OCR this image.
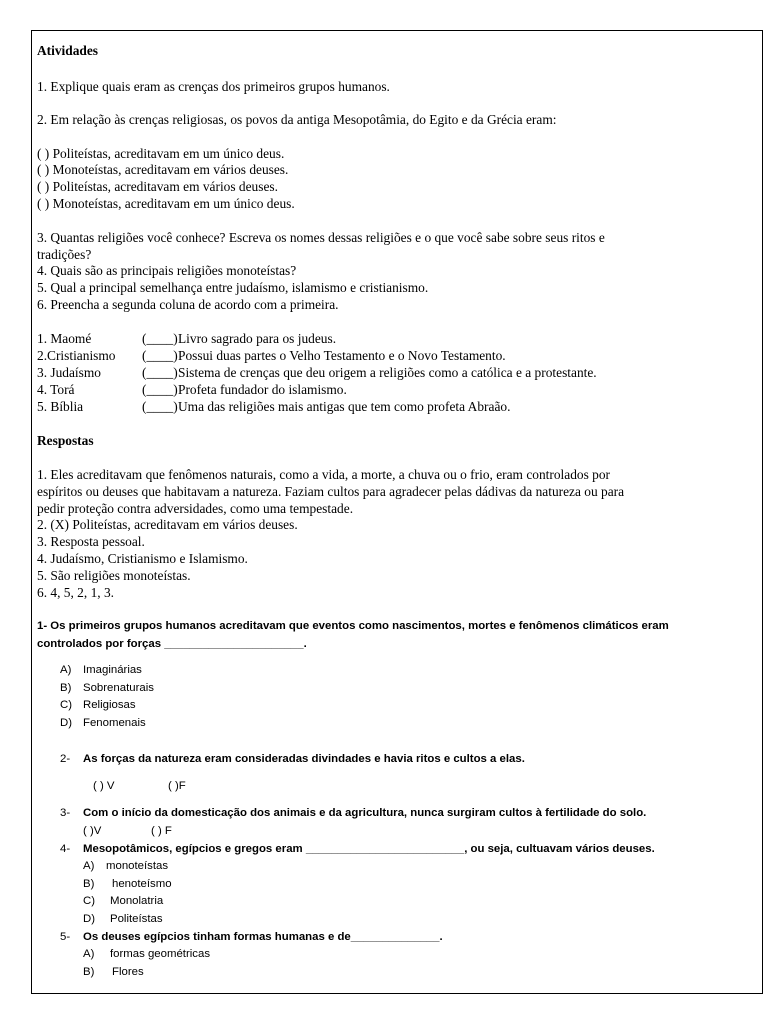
Atividades
1. Explique quais eram as crenças dos primeiros grupos humanos.
2. Em relação às crenças religiosas, os povos da antiga Mesopotâmia, do Egito e da Grécia eram:
( ) Politeístas, acreditavam em um único deus.
( ) Monoteístas, acreditavam em vários deuses.
( ) Politeístas, acreditavam em vários deuses.
( ) Monoteístas, acreditavam em um único deus.
3. Quantas religiões você conhece? Escreva os nomes dessas religiões e o que você sabe sobre seus ritos e
tradições?
4. Quais são as principais religiões monoteístas?
5. Qual a principal semelhança entre judaísmo, islamismo e cristianismo.
6. Preencha a segunda coluna de acordo com a primeira.
1. Maomé	(____) Livro sagrado para os judeus.
2.Cristianismo (____) Possui duas partes o Velho Testamento e o Novo Testamento.
3. Judaísmo	(____) Sistema de crenças que deu origem a religiões como a católica e a protestante.
4. Torá	(____) Profeta fundador do islamismo.
5. Bíblia	(____) Uma das religiões mais antigas que tem como profeta Abraão.
Respostas
1. Eles acreditavam que fenômenos naturais, como a vida, a morte, a chuva ou o frio, eram controlados por
espíritos ou deuses que habitavam a natureza. Faziam cultos para agradecer pelas dádivas da natureza ou para
pedir proteção contra adversidades, como uma tempestade.
2. (X) Politeístas, acreditavam em vários deuses.
3. Resposta pessoal.
4. Judaísmo, Cristianismo e Islamismo.
5. São religiões monoteístas.
6. 4, 5, 2, 1, 3.
1- Os primeiros grupos humanos acreditavam que eventos como nascimentos, mortes e fenômenos climáticos eram
controlados por forças ______________________.
A) Imaginárias
B) Sobrenaturais
C) Religiosas
D) Fenomenais
2- As forças da natureza eram consideradas divindades e havia ritos e cultos a elas.
( ) V	( )F
3- Com o início da domesticação dos animais e da agricultura, nunca surgiram cultos à fertilidade do solo.
( )V	( ) F
4- Mesopotâmicos, egípcios e gregos eram _________________________, ou seja, cultuavam vários deuses.
A) monoteístas
B) henoteísmo
C) Monolatria
D) Politeístas
5- Os deuses egípcios tinham formas humanas e de______________.
A) formas geométricas
B) Flores
